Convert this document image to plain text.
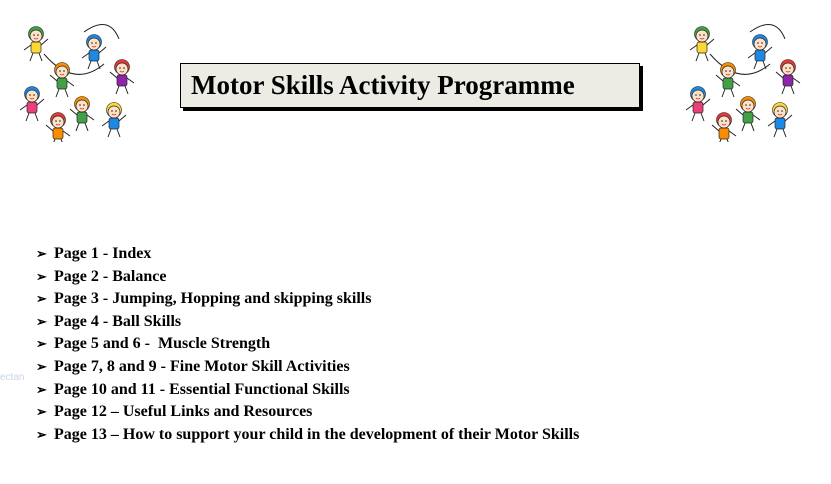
Motor Skills Activity Programme
ectan
➢ Page 1 - Index
➢ Page 2 - Balance
➢ Page 3 - Jumping, Hopping and skipping skills
➢ Page 4 - Ball Skills
➢ Page 5 and 6 -  Muscle Strength
➢ Page 7, 8 and 9 - Fine Motor Skill Activities
➢ Page 10 and 11 - Essential Functional Skills
➢ Page 12 – Useful Links and Resources
➢ Page 13 – How to support your child in the development of their Motor Skills
